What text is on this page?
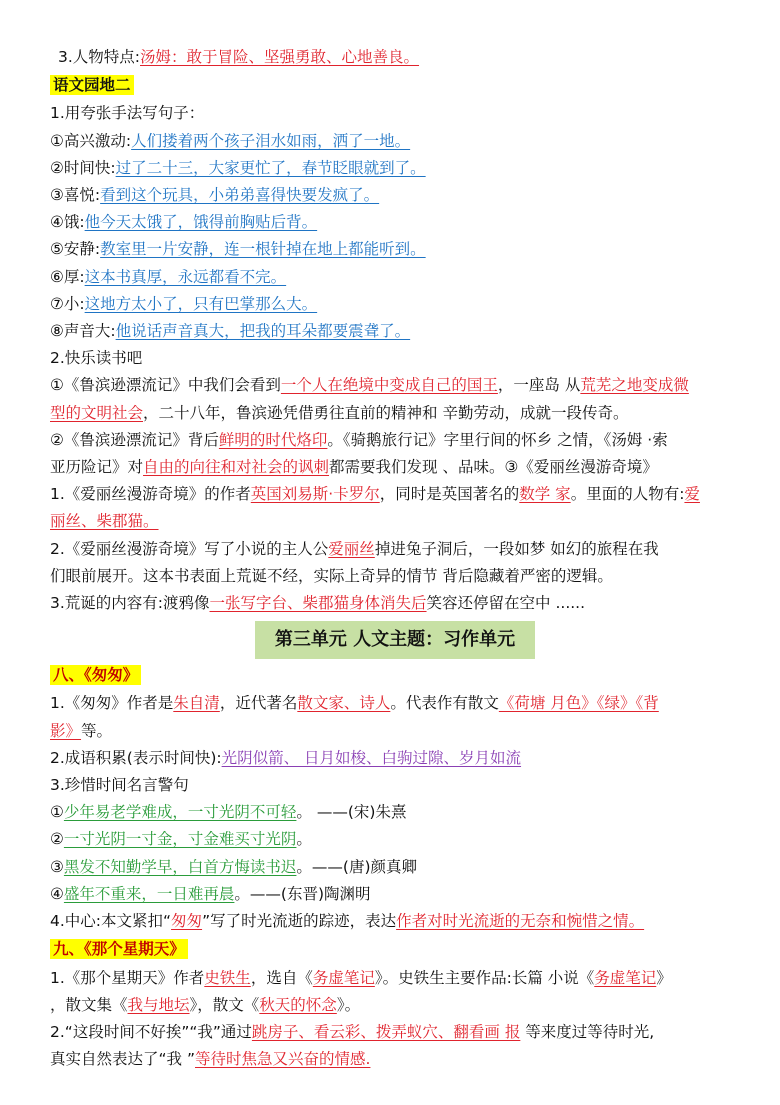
3.人物特点:汤姆：敢于冒险、坚强勇敢、心地善良。
语文园地二
1.用夸张手法写句子：
①高兴激动:人们搂着两个孩子泪水如雨，洒了一地。
②时间快:过了二十三，大家更忙了，春节眨眼就到了。
③喜悦:看到这个玩具，小弟弟喜得快要发疯了。
④饿:他今天太饿了，饿得前胸贴后背。
⑤安静:教室里一片安静，连一根针掉在地上都能听到。
⑥厚:这本书真厚，永远都看不完。
⑦小:这地方太小了，只有巴掌那么大。
⑧声音大:他说话声音真大，把我的耳朵都要震聋了。
2.快乐读书吧
①《鲁滨逊漂流记》中我们会看到一个人在绝境中变成自己的国王，一座岛 从荒芜之地变成微
型的文明社会，二十八年，鲁滨逊凭借勇往直前的精神和 辛勤劳动，成就一段传奇。
②《鲁滨逊漂流记》背后鲜明的时代烙印。《骑鹅旅行记》字里行间的怀乡 之情，《汤姆 ·索
亚历险记》对自由的向往和对社会的讽刺都需要我们发现 、品味。③《爱丽丝漫游奇境》
1.《爱丽丝漫游奇境》的作者英国刘易斯·卡罗尔，同时是英国著名的数学 家。里面的人物有:爱
丽丝、柴郡猫。
2.《爱丽丝漫游奇境》写了小说的主人公爱丽丝掉进兔子洞后，一段如梦 如幻的旅程在我
们眼前展开。这本书表面上荒诞不经，实际上奇异的情节 背后隐藏着严密的逻辑。
3.荒诞的内容有:渡鸦像一张写字台、柴郡猫身体消失后笑容还停留在空中 ......
第三单元 人文主题：习作单元
八、《匆匆》
1.《匆匆》作者是朱自清，近代著名散文家、诗人。代表作有散文《荷塘 月色》《绿》《背
影》等。
2.成语积累(表示时间快):光阴似箭、 日月如梭、白驹过隙、岁月如流
3.珍惜时间名言警句
①少年易老学难成，一寸光阴不可轻。 ——(宋)朱熹
②一寸光阴一寸金，寸金难买寸光阴。
③黑发不知勤学早，白首方悔读书迟。——(唐)颜真卿
④盛年不重来，一日难再晨。——(东晋)陶渊明
4.中心:本文紧扣“匆匆”写了时光流逝的踪迹，表达作者对时光流逝的无奈和惋惜之情。
九、《那个星期天》
1.《那个星期天》作者史铁生，选自《务虚笔记》。史铁生主要作品:长篇 小说《务虚笔记》
，散文集《我与地坛》，散文《秋天的怀念》。
2.“这段时间不好挨”“我”通过跳房子、看云彩、拨弄蚁穴、翻看画 报 等来度过等待时光,
真实自然表达了“我 ”等待时焦急又兴奋的情感.
